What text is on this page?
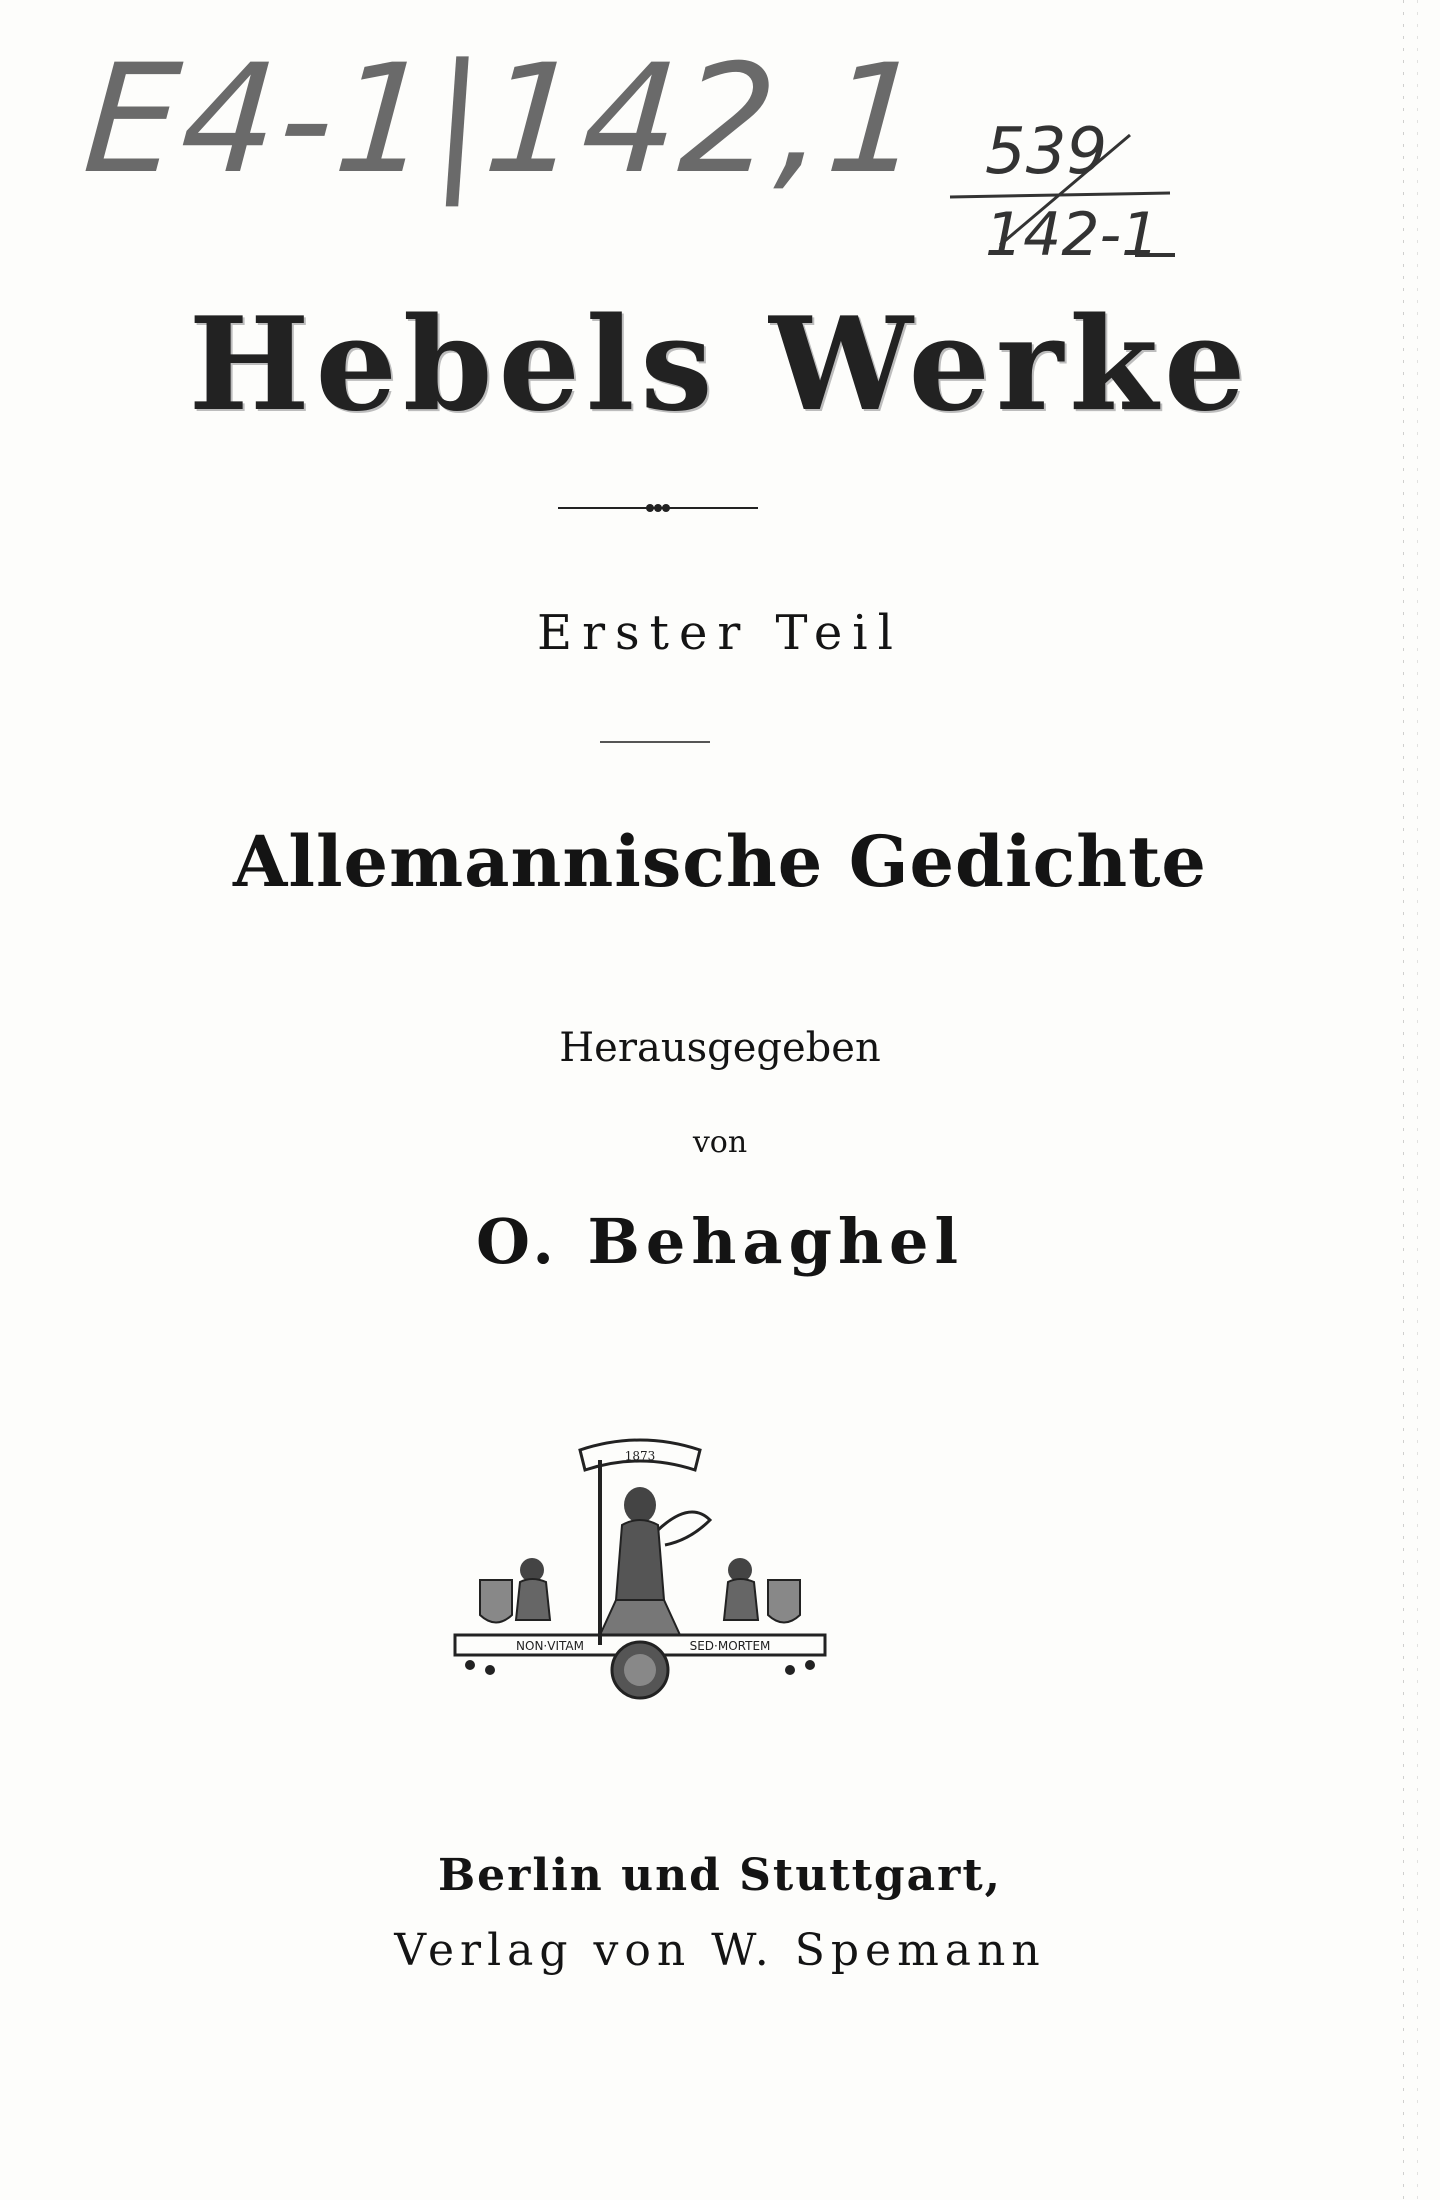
E4-1|142,1 539
142-1
Hebels Werke
Erster Teil
Allemannische Gedichte
Herausgegeben
von
O. Behaghel
1873
NON·VITAM	SED·MORTEM
Berlin und Stuttgart,
Verlag von W. Spemann
